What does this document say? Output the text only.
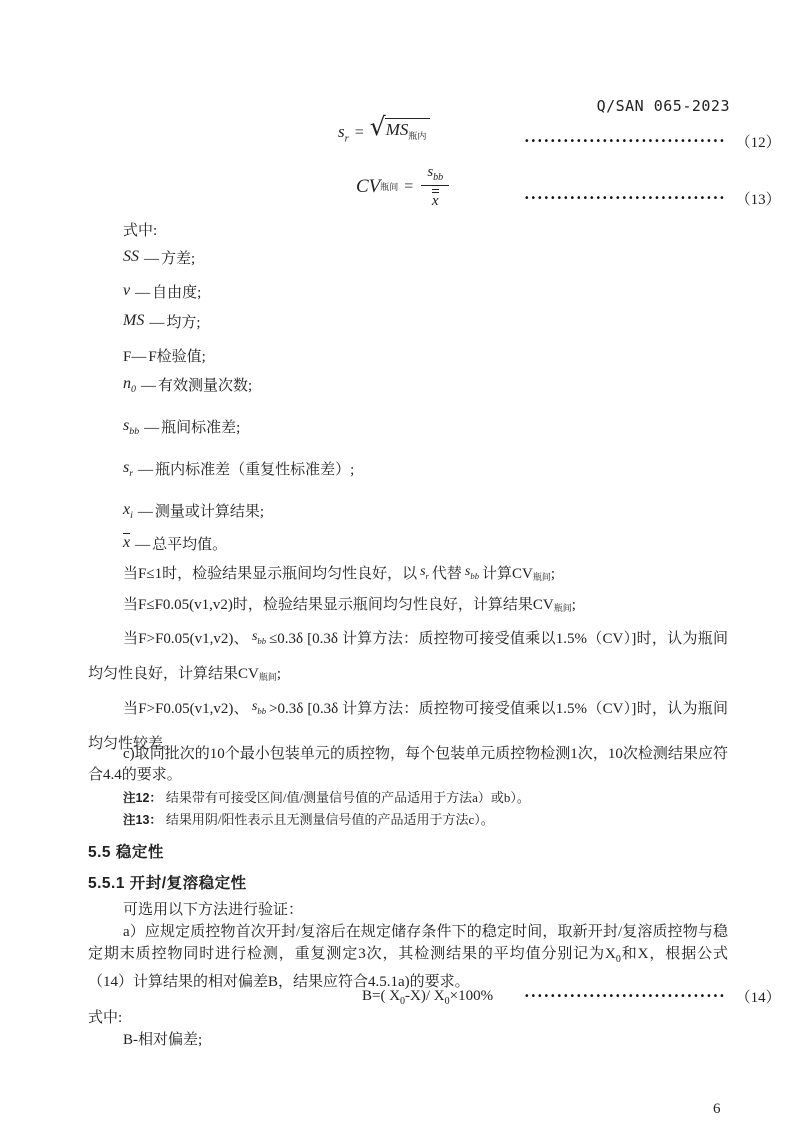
Q/SAN 065-2023
$s_r$ = √ $MS_{瓶内}$	••••••••••••••••••••••••••••••• （12）
CV 瓶间 = $\frac{s_{bb}}{x}$	••••••••••••••••••••••••••••••• （13）
式中:
SS — 方差;
v — 自由度;
MS — 均方;
F— F检验值;
$n_0$ — 有效测量次数;
$s_{bb}$ — 瓶间标准差;
$s_r$ — 瓶内标准差（重复性标准差）;
$x_i$ — 测量或计算结果;
x — 总平均值。
当F≤1时，检验结果显示瓶间均匀性良好，以 $s_r$ 代替 $s_{bb}$ 计算CV瓶间;
当F≤F0.05(v1,v2)时，检验结果显示瓶间均匀性良好，计算结果CV瓶间;
当F>F0.05(v1,v2)、 $s_{bb} \le 0.3\delta$ [0.3δ 计算方法：质控物可接受值乘以1.5%（CV）]时，认为瓶间均匀性良好，计算结果CV瓶间;
当F>F0.05(v1,v2)、 $s_{bb} >0.3\delta$ [0.3δ 计算方法：质控物可接受值乘以1.5%（CV）]时，认为瓶间均匀性较差。
c)取同批次的10个最小包装单元的质控物，每个包装单元质控物检测1次，10次检测结果应符合4.4的要求。
注12： 结果带有可接受区间/值/测量信号值的产品适用于方法a）或b）。
注13： 结果用阴/阳性表示且无测量信号值的产品适用于方法c）。
5.5 稳定性
5.5.1 开封/复溶稳定性
可选用以下方法进行验证：
a）应规定质控物首次开封/复溶后在规定储存条件下的稳定时间，取新开封/复溶质控物与稳定期末质控物同时进行检测，重复测定3次，其检测结果的平均值分别记为$X_0$和X，根据公式（14）计算结果的相对偏差B，结果应符合4.5.1a)的要求。
B=( $X_0-X)/$ $X_0\times 100\%$	••••••••••••••••••••••••••••••• （14）
式中:
B-相对偏差;
6
